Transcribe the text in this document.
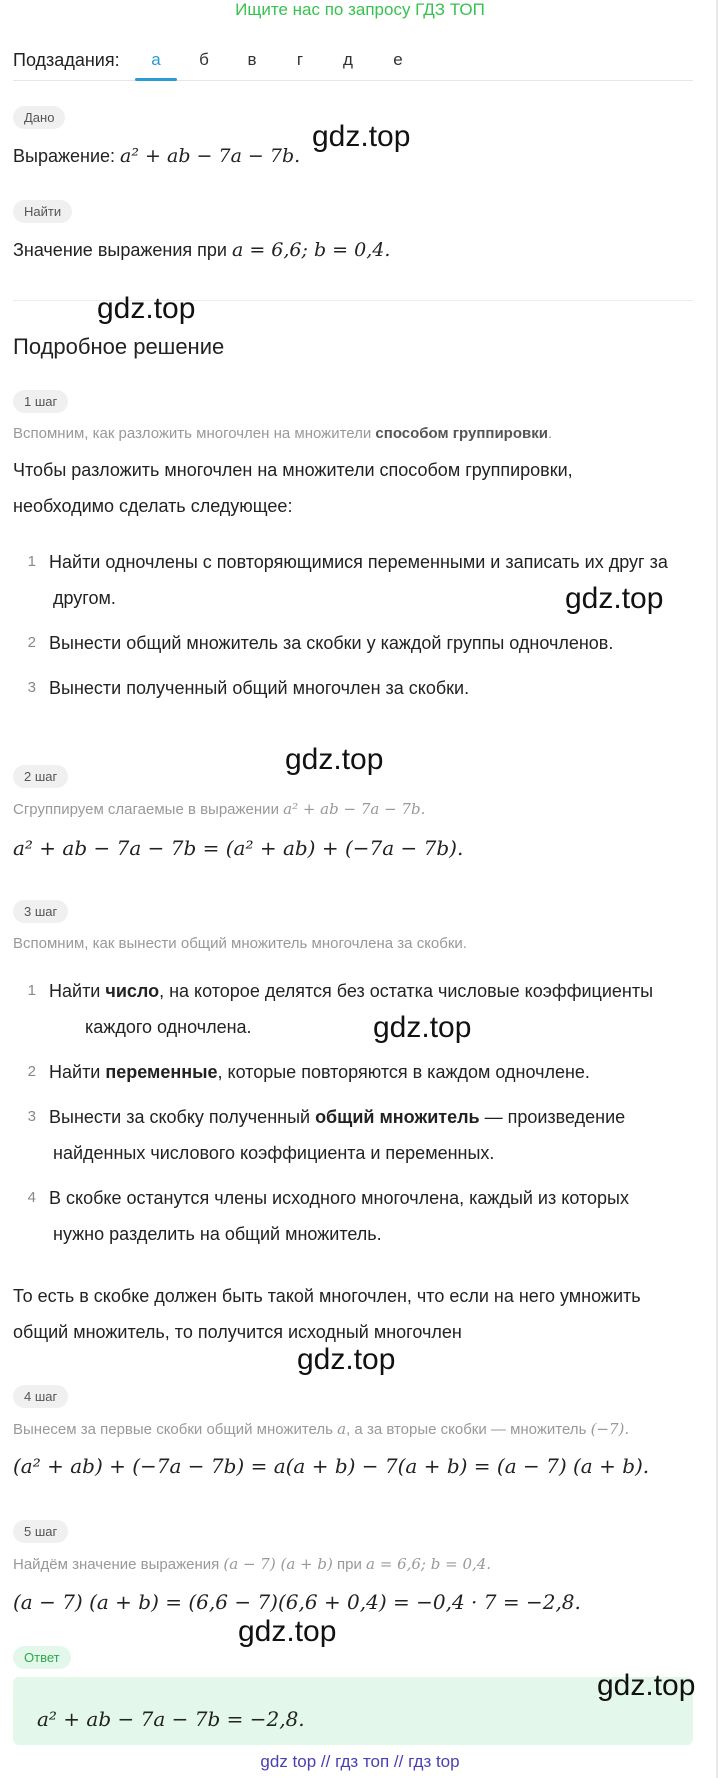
Ищите нас по запросу ГДЗ ТОП
Подзадания:	а	б	в	г	д	е
Дано
Выражение: a² + ab − 7a − 7b.
Найти
Значение выражения при a = 6,6; b = 0,4.
Подробное решение
1 шаг
Вспомним, как разложить многочлен на множители способом группировки.
Чтобы разложить многочлен на множители способом группировки,
необходимо сделать следующее:
1 Найти одночлены с повторяющимися переменными и записать их друг за
другом.
2 Вынести общий множитель за скобки у каждой группы одночленов.
3 Вынести полученный общий многочлен за скобки.
2 шаг
Сгруппируем слагаемые в выражении a² + ab − 7a − 7b.
a² + ab − 7a − 7b = (a² + ab) + (−7a − 7b).
3 шаг
Вспомним, как вынести общий множитель многочлена за скобки.
1 Найти число, на которое делятся без остатка числовые коэффициенты
каждого одночлена.
2 Найти переменные, которые повторяются в каждом одночлене.
3 Вынести за скобку полученный общий множитель — произведение
найденных числового коэффициента и переменных.
4 В скобке останутся члены исходного многочлена, каждый из которых
нужно разделить на общий множитель.
То есть в скобке должен быть такой многочлен, что если на него умножить
общий множитель, то получится исходный многочлен
4 шаг
Вынесем за первые скобки общий множитель a, а за вторые скобки — множитель (−7).
(a² + ab) + (−7a − 7b) = a(a + b) − 7(a + b) = (a − 7) (a + b).
5 шаг
Найдём значение выражения (a − 7) (a + b) при a = 6,6; b = 0,4.
(a − 7) (a + b) = (6,6 − 7)(6,6 + 0,4) = −0,4 · 7 = −2,8.
Ответ
a² + ab − 7a − 7b = −2,8.
gdz.top
gdz.top
gdz.top
gdz.top
gdz.top
gdz.top
gdz.top
gdz.top
gdz top // гдз топ // гдз top
